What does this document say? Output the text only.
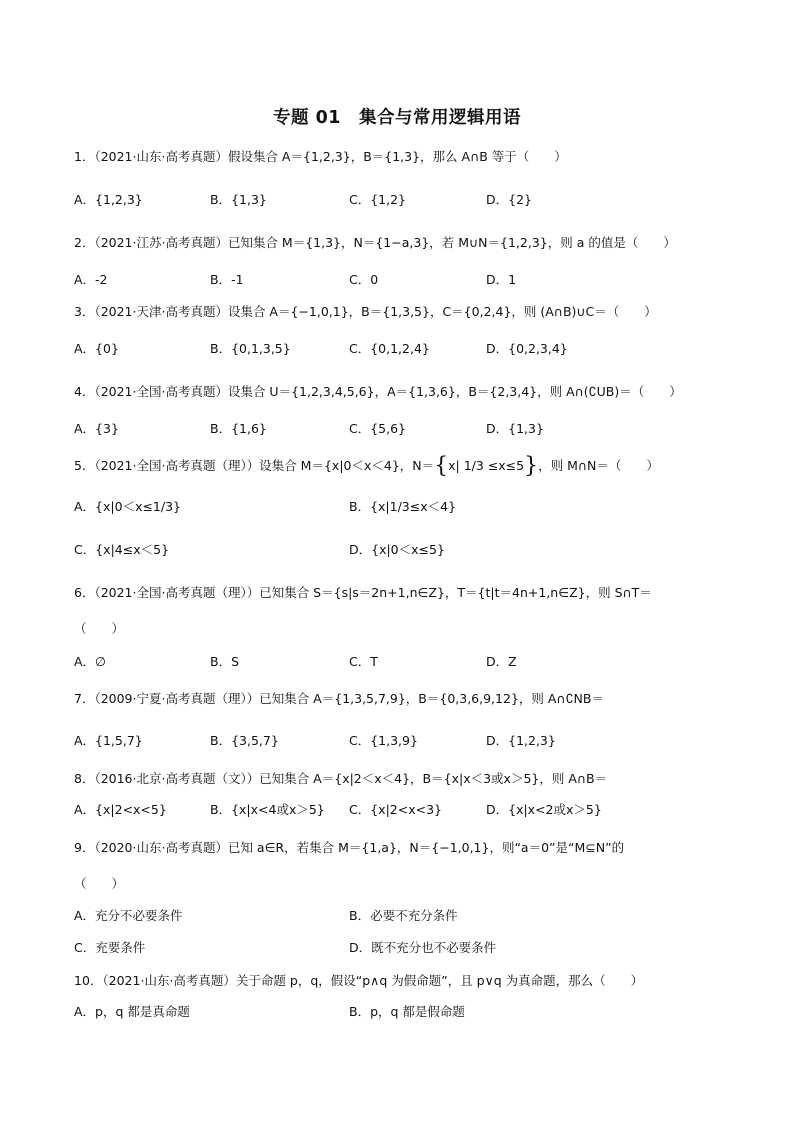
专题 01　集合与常用逻辑用语
1．（2021·山东·高考真题）假设集合 A＝{1,2,3}，B＝{1,3}，那么 A∩B 等于（　　）
A．{1,2,3}	B．{1,3}	C．{1,2}	D．{2}
2．（2021·江苏·高考真题）已知集合 M＝{1,3}，N＝{1−a,3}，若 M∪N＝{1,2,3}，则 a 的值是（　　）
A．-2	B．-1	C．0	D．1
3．（2021·天津·高考真题）设集合 A＝{−1,0,1}，B＝{1,3,5}，C＝{0,2,4}，则 (A∩B)∪C＝（　　）
A．{0}	B．{0,1,3,5}	C．{0,1,2,4}	D．{0,2,3,4}
4．（2021·全国·高考真题）设集合 U＝{1,2,3,4,5,6}，A＝{1,3,6}，B＝{2,3,4}，则 A∩(∁UB)＝（　　）
A．{3}	B．{1,6}	C．{5,6}	D．{1,3}
5．（2021·全国·高考真题（理））设集合 M＝{x|0＜x＜4}，N＝{x| 1/3 ≤x≤5}，则 M∩N＝（　　）
A．{x|0＜x≤1/3}	B．{x|1/3≤x＜4}
C．{x|4≤x＜5}	D．{x|0＜x≤5}
6．（2021·全国·高考真题（理））已知集合 S＝{s|s＝2n+1,n∈Z}，T＝{t|t＝4n+1,n∈Z}，则 S∩T＝
（　　）
A．∅	B．S	C．T	D．Z
7．（2009·宁夏·高考真题（理））已知集合 A＝{1,3,5,7,9}，B＝{0,3,6,9,12}，则 A∩∁NB＝
A．{1,5,7}	B．{3,5,7}	C．{1,3,9}	D．{1,2,3}
8．（2016·北京·高考真题（文））已知集合 A＝{x|2＜x＜4}，B＝{x|x＜3或x＞5}，则 A∩B＝
A．{x|2<x<5}	B．{x|x<4或x＞5} C．{x|2<x<3}	D．{x|x<2或x＞5}
9．（2020·山东·高考真题）已知 a∈R，若集合 M＝{1,a}，N＝{−1,0,1}，则“a＝0”是“M⊆N”的
（　　）
A．充分不必要条件	B．必要不充分条件
C．充要条件	D．既不充分也不必要条件
10．（2021·山东·高考真题）关于命题 p，q，假设“p∧q 为假命题”，且 p∨q 为真命题，那么（　　）
A．p，q 都是真命题	B．p，q 都是假命题
